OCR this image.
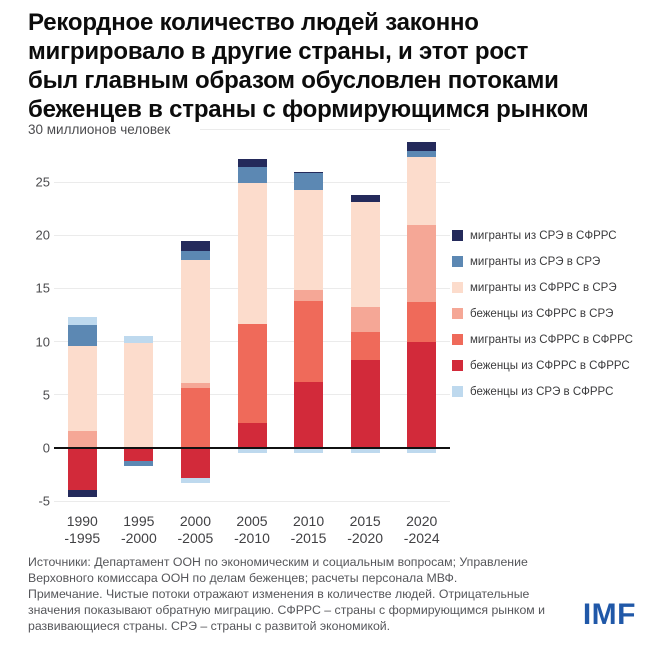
Рекордное количество людей законно
мигрировало в другие страны, и этот рост
был главным образом обусловлен потоками
беженцев в страны с формирующимся рынком
30 миллионов человек
25
20
15
10
5
0
-5
1990
-1995
1995
-2000
2000
-2005
2005
-2010
2010
-2015
2015
-2020
2020
-2024
мигранты из СРЭ в СФРРС
мигранты из СРЭ в СРЭ
мигранты из СФРРС в СРЭ
беженцы из СФРРС в СРЭ
мигранты из СФРРС в СФРРС
беженцы из СФРРС в СФРРС
беженцы из СРЭ в СФРРС

Источники: Департамент ООН по экономическим и социальным вопросам; Управление Верховного комиссара ООН по делам беженцев; расчеты персонала МВФ.

Примечание. Чистые потоки отражают изменения в количестве людей. Отрицательные значения показывают обратную миграцию. СФРРС – страны с формирующимся рынком и развивающиеся страны. СРЭ – страны с развитой экономикой.	IMF
